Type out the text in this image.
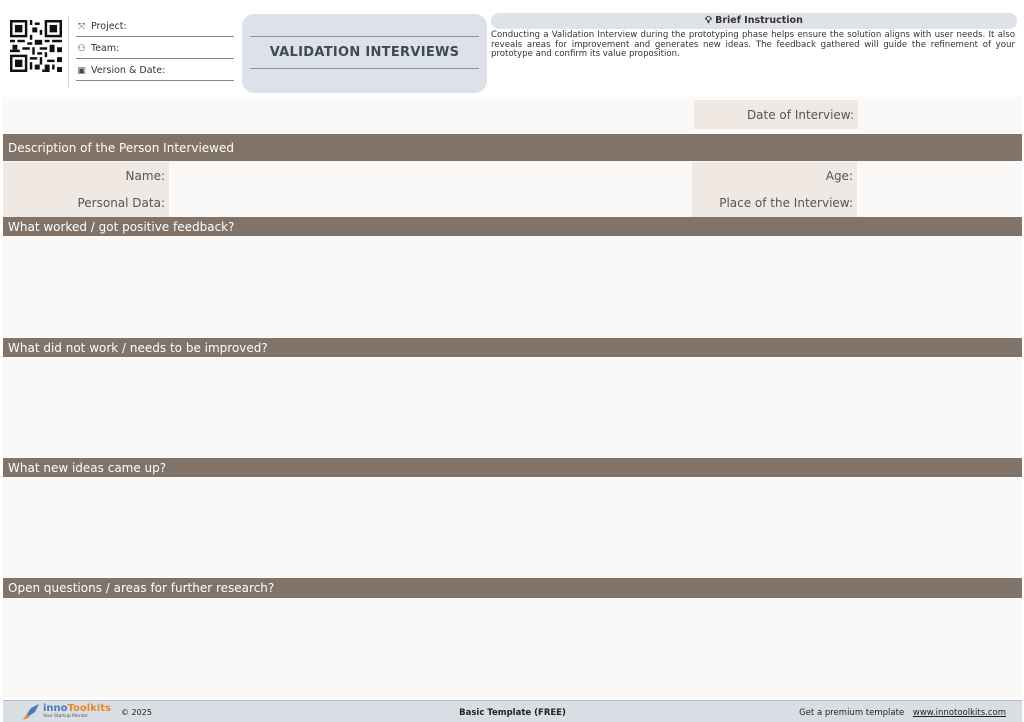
⤧ Project:
⚇ Team:
▣ Version & Date:
VALIDATION INTERVIEWS
💡︎ Brief Instruction
Conducting a Validation Interview during the prototyping phase helps ensure the solution aligns with user needs. It also reveals areas for improvement and generates new ideas. The feedback gathered will guide the refinement of your prototype and confirm its value proposition.
Date of Interview:
Description of the Person Interviewed
Name:	Age:
Personal Data:	Place of the Interview:
What worked / got positive feedback?
What did not work / needs to be improved?
What new ideas came up?
Open questions / areas for further research?
innoToolkits
Your Startup Mentor	© 2025	Basic Template (FREE)	Get a premium template www.innotoolkits.com
